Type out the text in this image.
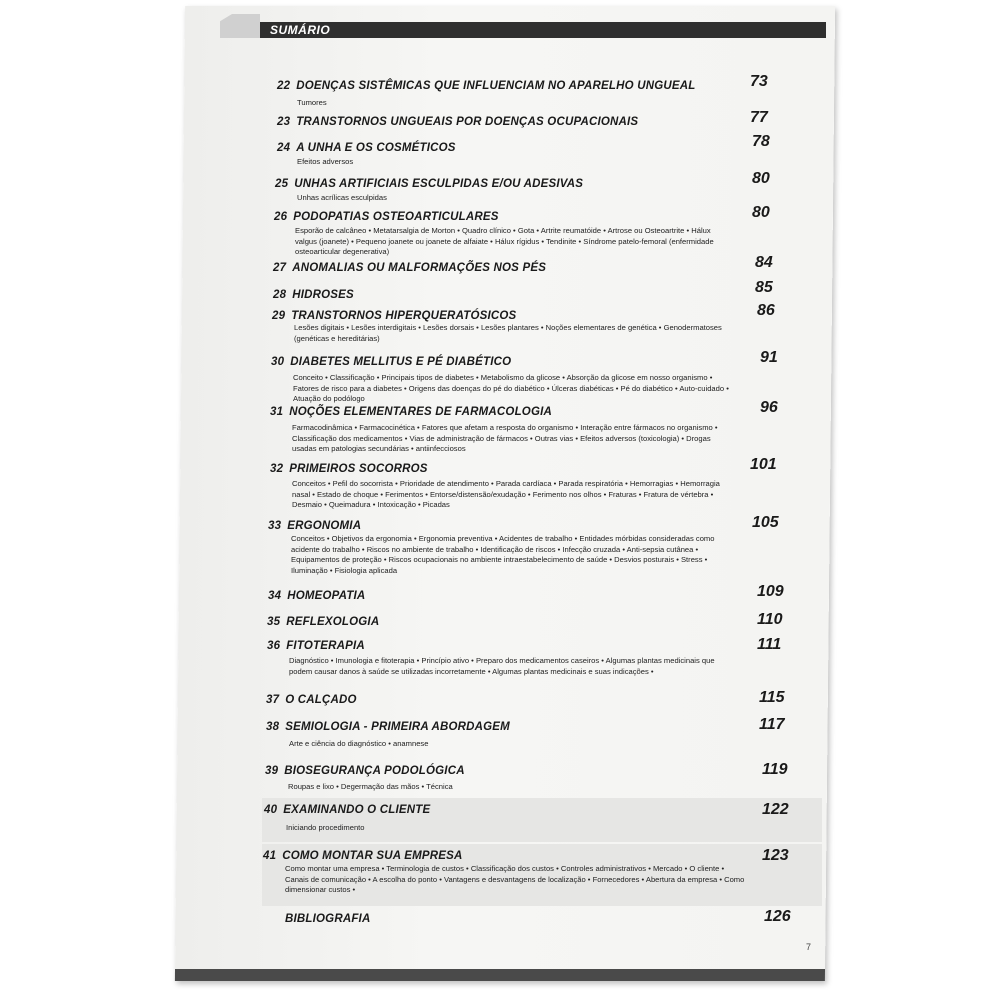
SUMÁRIO
22 DOENÇAS SISTÊMICAS QUE INFLUENCIAM NO APARELHO UNGUEAL	73
Tumores
23 TRANSTORNOS UNGUEAIS POR DOENÇAS OCUPACIONAIS	77
24 A UNHA E OS COSMÉTICOS	78
Efeitos adversos
25 UNHAS ARTIFICIAIS ESCULPIDAS E/OU ADESIVAS	80
Unhas acrílicas esculpidas
26 PODOPATIAS OSTEOARTICULARES	80
Esporão de calcâneo • Metatarsalgia de Morton • Quadro clínico • Gota • Artrite reumatóide • Artrose ou Osteoartrite • Hálux valgus (joanete) • Pequeno joanete ou joanete de alfaiate • Hálux rígidus • Tendinite • Síndrome patelo-femoral (enfermidade osteoarticular degenerativa)
27 ANOMALIAS OU MALFORMAÇÕES NOS PÉS	84
28 HIDROSES	85
29 TRANSTORNOS HIPERQUERATÓSICOS	86
Lesões digitais • Lesões interdigitais • Lesões dorsais • Lesões plantares • Noções elementares de genética • Genodermatoses (genéticas e hereditárias)
30 DIABETES MELLITUS E PÉ DIABÉTICO	91
Conceito • Classificação • Principais tipos de diabetes • Metabolismo da glicose • Absorção da glicose em nosso organismo • Fatores de risco para a diabetes • Origens das doenças do pé do diabético • Úlceras diabéticas • Pé do diabético • Auto-cuidado • Atuação do podólogo
31 NOÇÕES ELEMENTARES DE FARMACOLOGIA	96
Farmacodinâmica • Farmacocinética • Fatores que afetam a resposta do organismo • Interação entre fármacos no organismo • Classificação dos medicamentos • Vias de administração de fármacos • Outras vias • Efeitos adversos (toxicologia) • Drogas usadas em patologias secundárias • antiinfecciosos
32 PRIMEIROS SOCORROS	101
Conceitos • Pefil do socorrista • Prioridade de atendimento • Parada cardíaca • Parada respiratória • Hemorragias • Hemorragia nasal • Estado de choque • Ferimentos • Entorse/distensão/exudação • Ferimento nos olhos • Fraturas • Fratura de vértebra • Desmaio • Queimadura • Intoxicação • Picadas
33 ERGONOMIA	105
Conceitos • Objetivos da ergonomia • Ergonomia preventiva • Acidentes de trabalho • Entidades mórbidas consideradas como acidente do trabalho • Riscos no ambiente de trabalho • Identificação de riscos • Infecção cruzada • Anti-sepsia cutânea • Equipamentos de proteção • Riscos ocupacionais no ambiente intraestabelecimento de saúde • Desvios posturais • Stress • Iluminação • Fisiologia aplicada
34 HOMEOPATIA	109
35 REFLEXOLOGIA	110
36 FITOTERAPIA	111
Diagnóstico • Imunologia e fitoterapia • Princípio ativo • Preparo dos medicamentos caseiros • Algumas plantas medicinais que podem causar danos à saúde se utilizadas incorretamente • Algumas plantas medicinais e suas indicações •
37 O CALÇADO	115
38 SEMIOLOGIA - PRIMEIRA ABORDAGEM	117
Arte e ciência do diagnóstico • anamnese
39 BIOSEGURANÇA PODOLÓGICA	119
Roupas e lixo • Degermação das mãos • Técnica
40 EXAMINANDO O CLIENTE	122
Iniciando procedimento
41 COMO MONTAR SUA EMPRESA	123
Como montar uma empresa • Terminologia de custos • Classificação dos custos • Controles administrativos • Mercado • O cliente • Canais de comunicação • A escolha do ponto • Vantagens e desvantagens de localização • Fornecedores • Abertura da empresa • Como dimensionar custos •
BIBLIOGRAFIA	126
7
